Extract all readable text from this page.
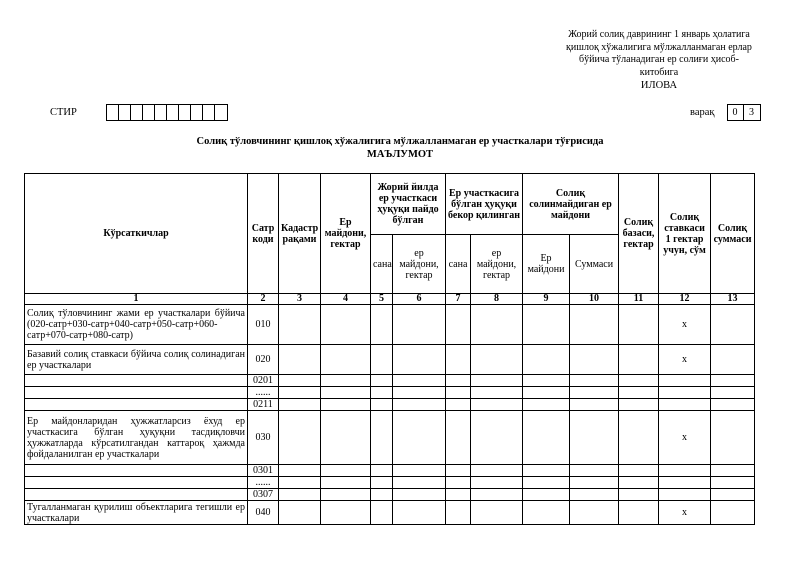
Жорий солиқ даврининг 1 январь ҳолатига
қишлоқ хўжалигига мўлжалланмаган ерлар
бўйича тўланадиган ер солиғи ҳисоб-
китобига
ИЛОВА
СТИР	варақ	0	3
Солиқ тўловчининг қишлоқ хўжалигига мўлжалланмаган ер участкалари тўғрисида
МАЪЛУМОТ
Кўрсаткичлар	Сатр коди	Кадастр рақами	Ер майдони, гектар	Жорий йилда ер участкаси ҳуқуқи пайдо бўлган		Ер участкасига бўлган ҳуқуқи бекор қилинган		Солиқ солинмайдиган ер майдони		Солиқ базаси, гектар	Солиқ ставкаси 1 гектар учун, сўм	Солиқ суммаси
				сана	ер майдони, гектар	сана	ер майдони, гектар	Ер майдони	Суммаси			
1	2	3	4	5	6	7	8	9	10	11	12	13
Солиқ тўловчининг жами ер участкалари бўйича (020-сатр+030-сатр+040-сатр+050-сатр+060-сатр+070-сатр+080-сатр)	010										х	
Базавий солиқ ставкаси бўйича солиқ солинадиган ер участкалари	020										х	
	0201											
	......											
	0211											
Ер майдонларидан ҳужжатларсиз ёхуд ер участкасига бўлган ҳуқуқни тасдиқловчи ҳужжатларда кўрсатилгандан каттароқ ҳажмда фойдаланилган ер участкалари	030										х	
	0301											
	......											
	0307											
Тугалланмаган қурилиш объектларига тегишли ер участкалари	040										х	
